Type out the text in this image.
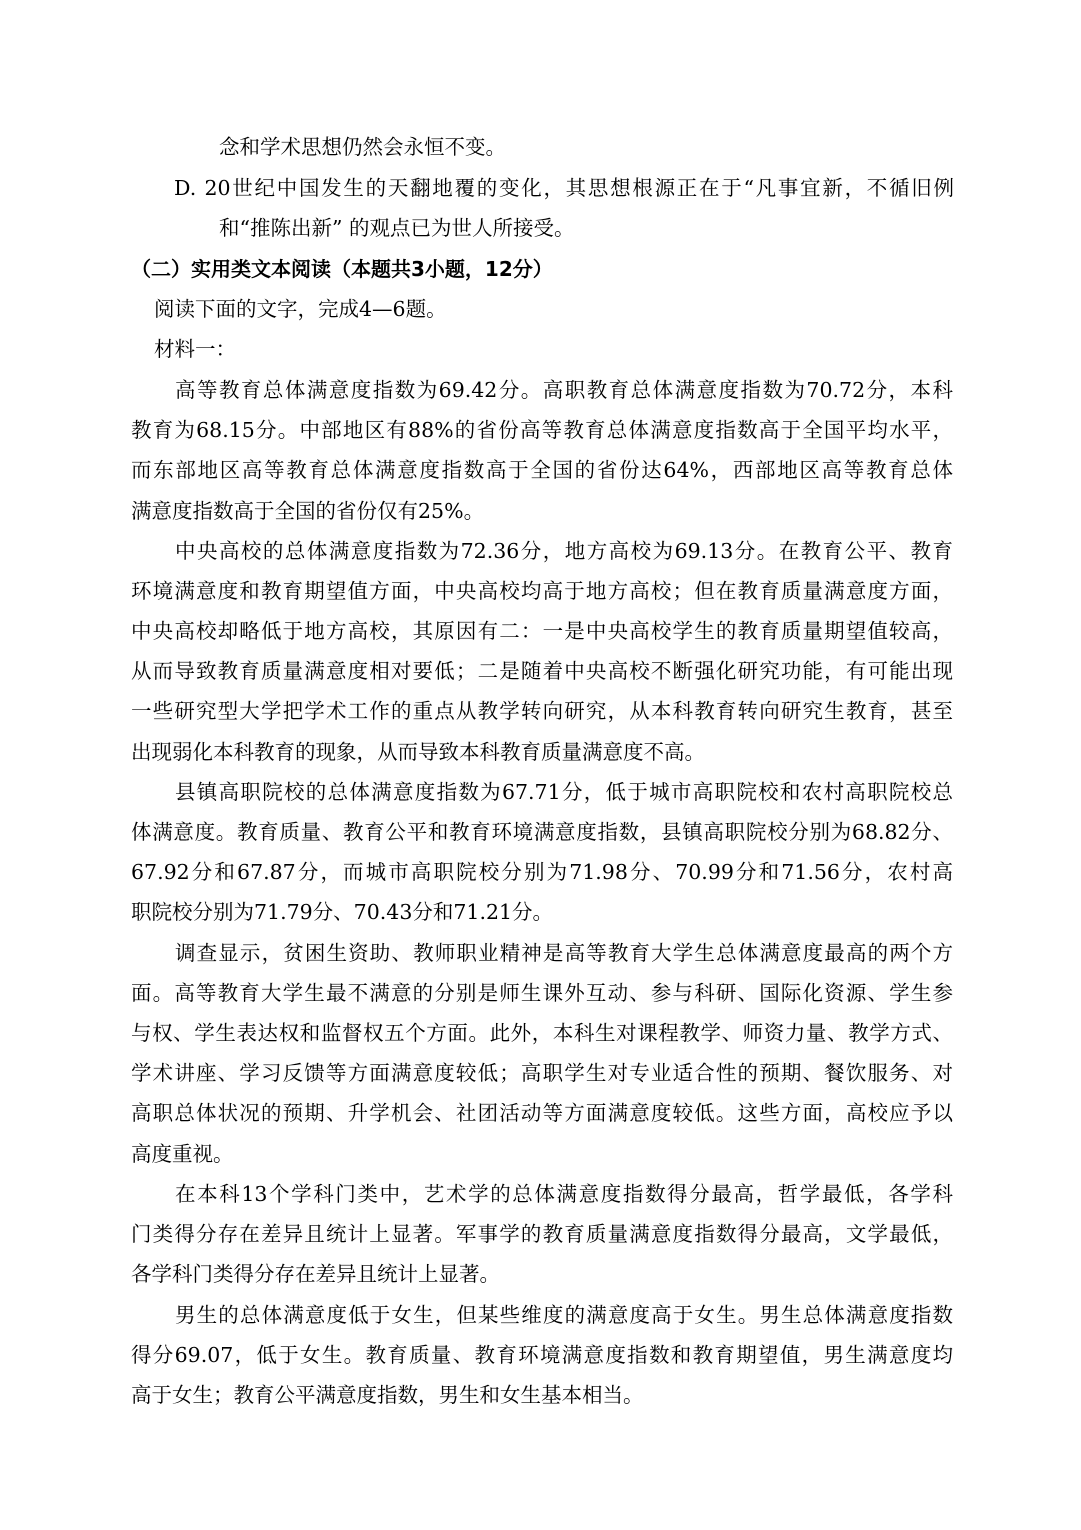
念和学术思想仍然会永恒不变。

D. 20世纪中国发生的天翻地覆的变化，其思想根源正在于“凡事宜新，不循旧例

和“推陈出新” 的观点已为世人所接受。

（二）实用类文本阅读（本题共3小题，12分）

阅读下面的文字，完成4—6题。

材料一：

高等教育总体满意度指数为69.42分。高职教育总体满意度指数为70.72分，本科

教育为68.15分。中部地区有88%的省份高等教育总体满意度指数高于全国平均水平，

而东部地区高等教育总体满意度指数高于全国的省份达64%，西部地区高等教育总体

满意度指数高于全国的省份仅有25%。

中央高校的总体满意度指数为72.36分，地方高校为69.13分。在教育公平、教育

环境满意度和教育期望值方面，中央高校均高于地方高校；但在教育质量满意度方面，

中央高校却略低于地方高校，其原因有二：一是中央高校学生的教育质量期望值较高，

从而导致教育质量满意度相对要低；二是随着中央高校不断强化研究功能，有可能出现

一些研究型大学把学术工作的重点从教学转向研究，从本科教育转向研究生教育，甚至

出现弱化本科教育的现象，从而导致本科教育质量满意度不高。

县镇高职院校的总体满意度指数为67.71分，低于城市高职院校和农村高职院校总

体满意度。教育质量、教育公平和教育环境满意度指数，县镇高职院校分别为68.82分、

67.92分和67.87分，而城市高职院校分别为71.98分、70.99分和71.56分，农村高

职院校分别为71.79分、70.43分和71.21分。

调查显示，贫困生资助、教师职业精神是高等教育大学生总体满意度最高的两个方

面。高等教育大学生最不满意的分别是师生课外互动、参与科研、国际化资源、学生参

与权、学生表达权和监督权五个方面。此外，本科生对课程教学、师资力量、教学方式、

学术讲座、学习反馈等方面满意度较低；高职学生对专业适合性的预期、餐饮服务、对

高职总体状况的预期、升学机会、社团活动等方面满意度较低。这些方面，高校应予以

高度重视。

在本科13个学科门类中，艺术学的总体满意度指数得分最高，哲学最低，各学科

门类得分存在差异且统计上显著。军事学的教育质量满意度指数得分最高，文学最低，

各学科门类得分存在差异且统计上显著。

男生的总体满意度低于女生，但某些维度的满意度高于女生。男生总体满意度指数

得分69.07，低于女生。教育质量、教育环境满意度指数和教育期望值，男生满意度均

高于女生；教育公平满意度指数，男生和女生基本相当。
